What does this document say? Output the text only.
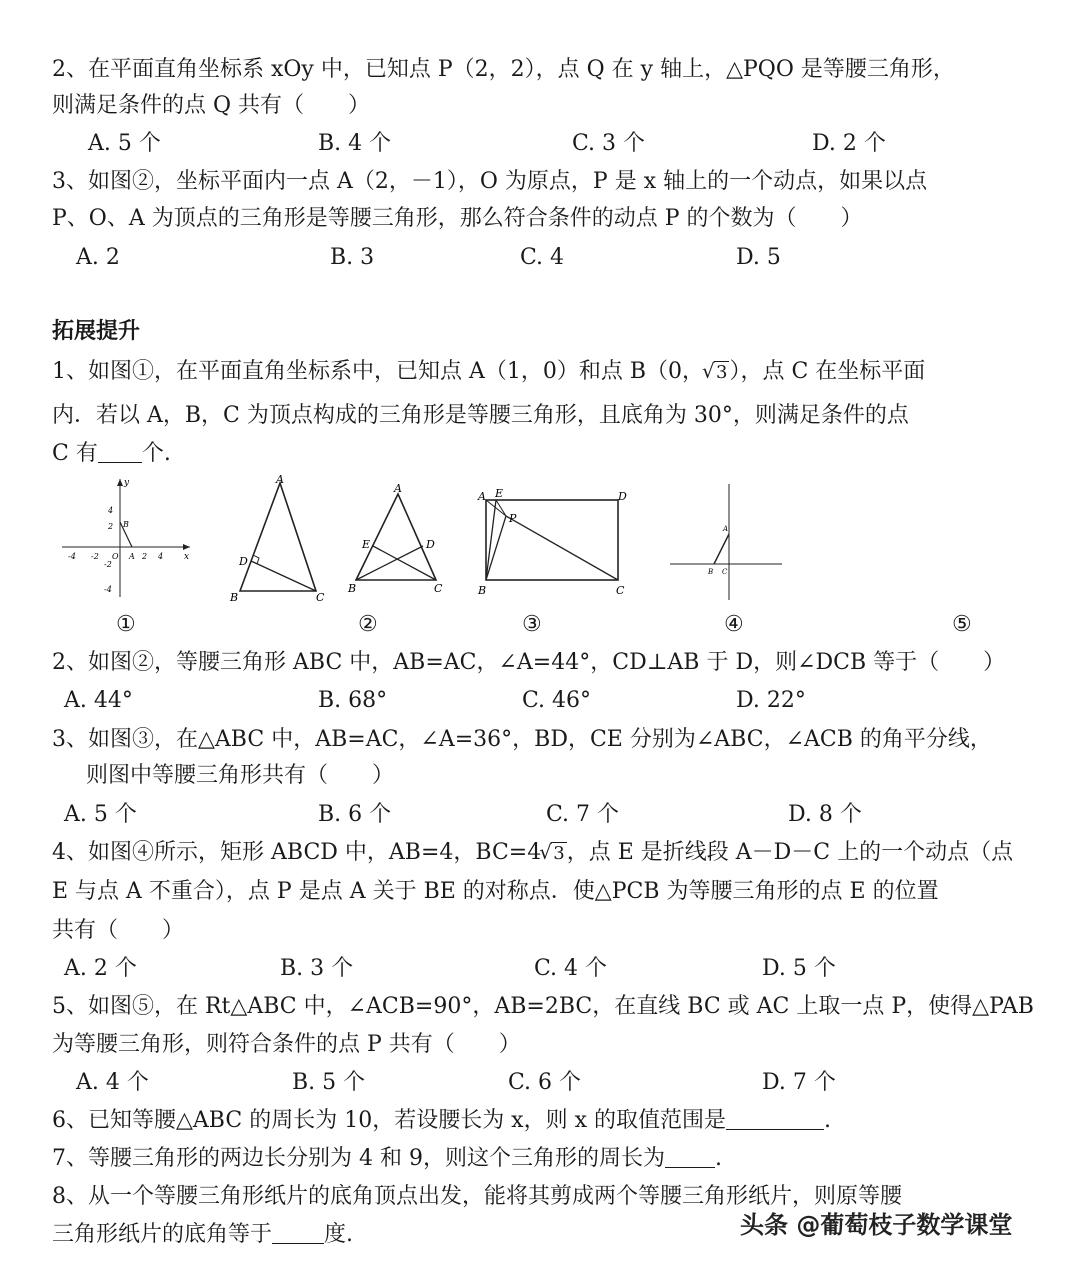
2、在平面直角坐标系 xOy 中，已知点 P（2，2），点 Q 在 y 轴上，△PQO 是等腰三角形，
则满足条件的点 Q 共有（　　）
A. 5 个	B. 4 个	C. 3 个	D. 2 个
3、如图②，坐标平面内一点 A（2，－1），O 为原点，P 是 x 轴上的一个动点，如果以点
P、O、A 为顶点的三角形是等腰三角形，那么符合条件的动点 P 的个数为（　　）
A. 2	B. 3	C. 4	D. 5
拓展提升
1、如图①，在平面直角坐标系中，已知点 A（1，0）和点 B（0， √ 3），点 C 在坐标平面
内．若以 A，B，C 为顶点构成的三角形是等腰三角形，且底角为 30°，则满足条件的点
C 有 个.
4
2
-2
-4
-4 -2	2 4 x
y
O A
B
A
B	C
D
A
B	C
D
E
A
B	C
D
E
P
A
B C
①	②	③	④	⑤
2、如图②，等腰三角形 ABC 中，AB=AC，∠A=44°，CD⊥AB 于 D，则∠DCB 等于（　　）
A. 44°	B. 68°	C. 46°	D. 22°
3、如图③，在△ABC 中，AB=AC，∠A=36°，BD，CE 分别为∠ABC，∠ACB 的角平分线，
则图中等腰三角形共有（　　）
A. 5 个	B. 6 个	C. 7 个	D. 8 个
4、如图④所示，矩形 ABCD 中，AB=4，BC=4 √ 3，点 E 是折线段 A－D－C 上的一个动点（点
E 与点 A 不重合），点 P 是点 A 关于 BE 的对称点．使△PCB 为等腰三角形的点 E 的位置
共有（　　）
A. 2 个	B. 3 个	C. 4 个	D. 5 个
5、如图⑤，在 Rt△ABC 中，∠ACB=90°，AB=2BC，在直线 BC 或 AC 上取一点 P，使得△PAB
为等腰三角形，则符合条件的点 P 共有（　　）
A. 4 个	B. 5 个	C. 6 个	D. 7 个
6、已知等腰△ABC 的周长为 10，若设腰长为 x，则 x 的取值范围是	.
7、等腰三角形的两边长分别为 4 和 9，则这个三角形的周长为 .
8、从一个等腰三角形纸片的底角顶点出发，能将其剪成两个等腰三角形纸片，则原等腰
三角形纸片的底角等于 度.	头条 @葡萄枝子数学课堂
